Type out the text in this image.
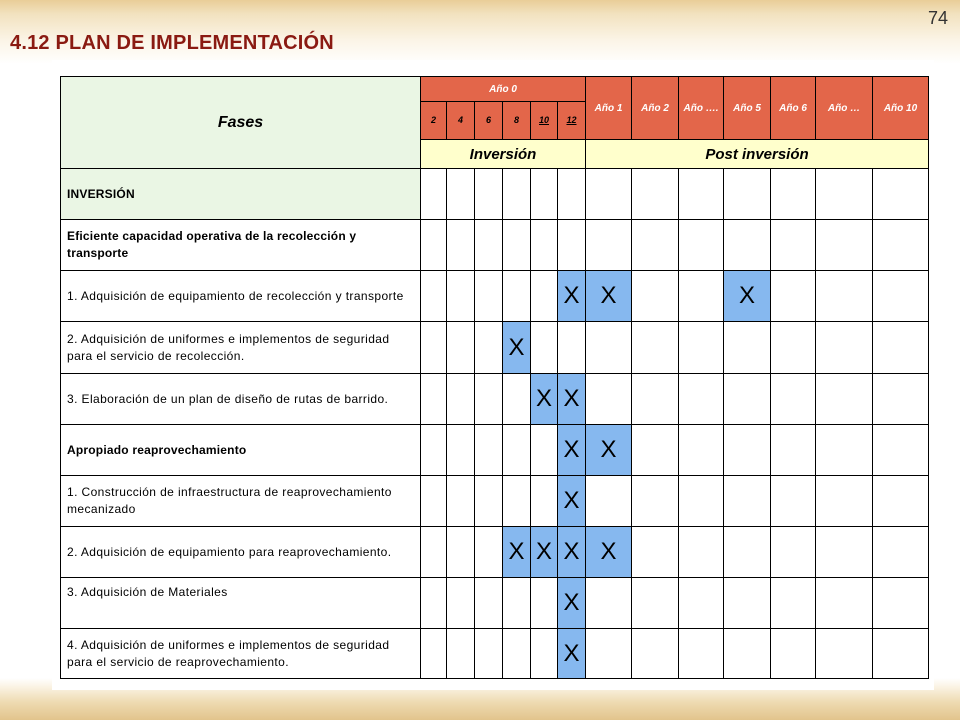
74
4.12 PLAN DE IMPLEMENTACIÓN
Fases	Año 0						Año 1	Año 2	Año ….	Año 5	Año 6	Año …	Año 10
	2	4	6	8	10	12							

	Inversión						Post inversión						
INVERSIÓN													
Eficiente capacidad operativa de la recolección y transporte													
1. Adquisición de equipamiento de recolección y transporte						X	X			X			
2. Adquisición de uniformes e implementos de seguridad para el servicio de recolección.				X									
3. Elaboración de un plan de diseño de rutas de barrido.					X	X							
Apropiado reaprovechamiento						X	X						
1. Construcción de infraestructura de reaprovechamiento mecanizado						X							
2. Adquisición de equipamiento para reaprovechamiento.				X	X	X	X						
3. Adquisición de Materiales						X							
4. Adquisición de uniformes e implementos de seguridad para el servicio de reaprovechamiento.						X							
